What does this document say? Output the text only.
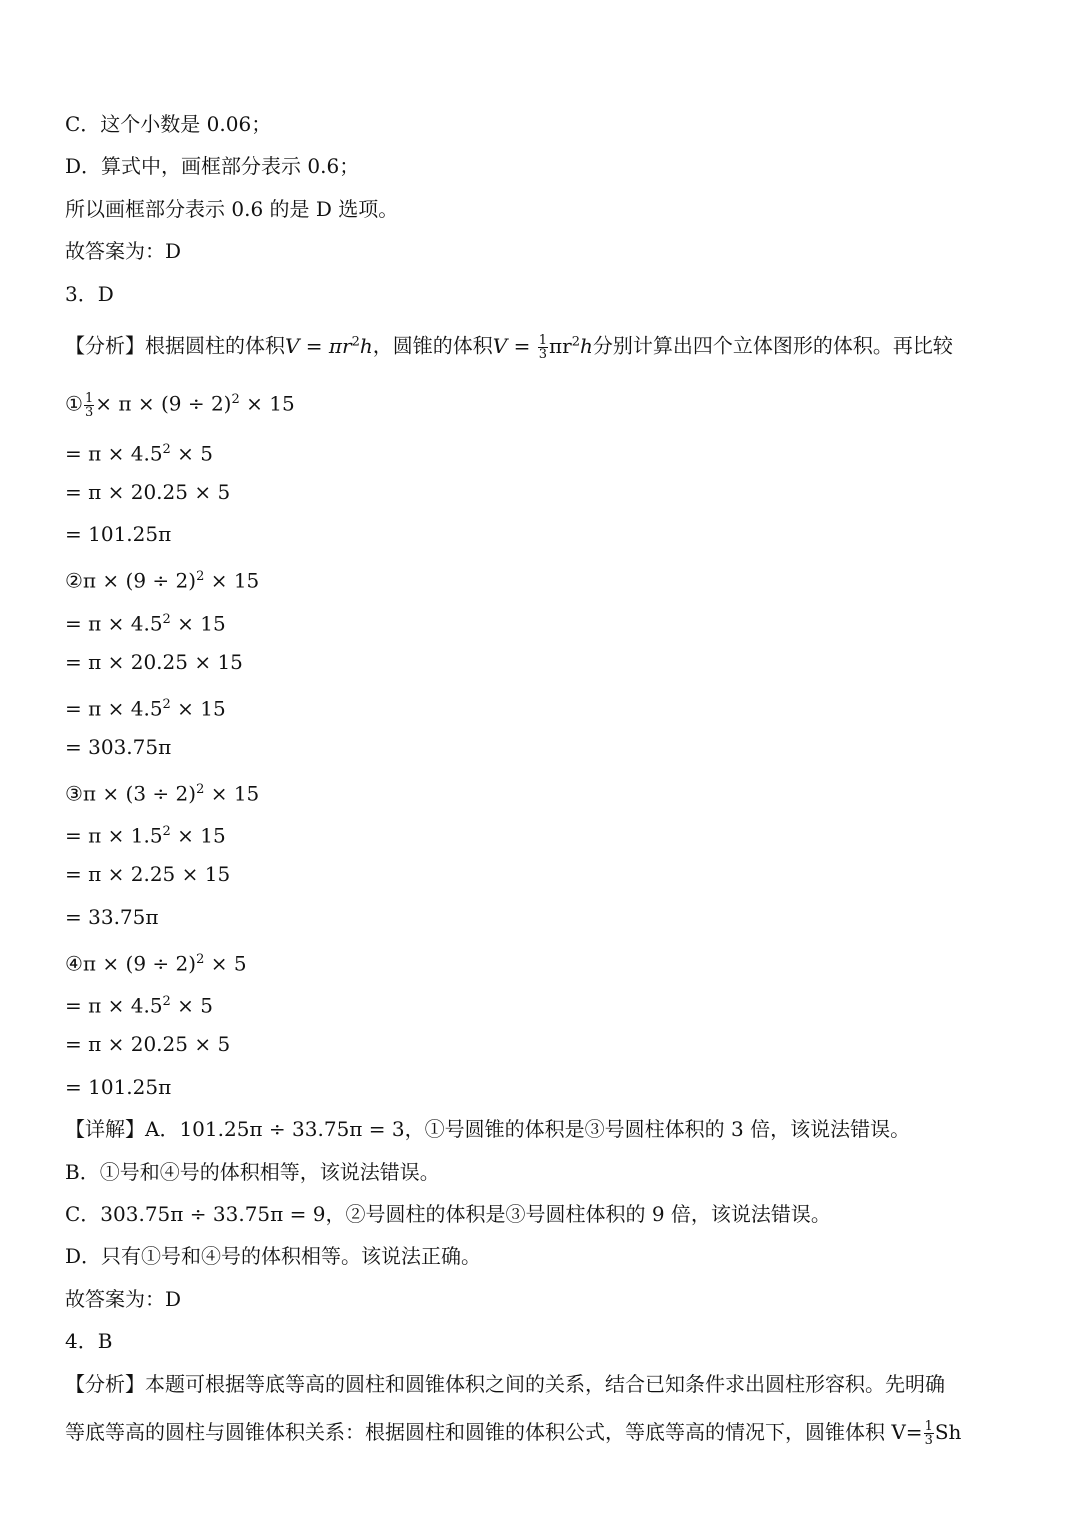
C．这个小数是 0.06；
D．算式中，画框部分表示 0.6；
所以画框部分表示 0.6 的是 D 选项。
故答案为：D
3．D
【分析】根据圆柱的体积$V = \pi r^2h$，圆锥的体积$V = \frac{1}{3} \pi r^2h$分别计算出四个立体图形的体积。再比较
① $\frac{1}{3} \times \pi \times (9 \div 2)^2 \times 15$
= $\pi \times 4.5^2 \times 5$
= π × 20.25 × 5
= 101.25π
②π × $(9 \div 2)^2 \times 15$
= $\pi \times 4.5^2 \times 15$
= π × 20.25 × 15
= $\pi \times 4.5^2 \times 15$
= 303.75π
③π × $(3 \div 2)^2 \times 15$
= $\pi \times 1.5^2 \times 15$
= π × 2.25 × 15
= 33.75π
④π × $(9 \div 2)^2 \times 5$
= $\pi \times 4.5^2 \times 5$
= π × 20.25 × 5
= 101.25π
【详解】A．101.25π ÷ 33.75π = 3，①号圆锥的体积是③号圆柱体积的 3 倍，该说法错误。
B．①号和④号的体积相等，该说法错误。
C．303.75π ÷ 33.75π = 9，②号圆柱的体积是③号圆柱体积的 9 倍，该说法错误。
D．只有①号和④号的体积相等。该说法正确。
故答案为：D
4．B
【分析】本题可根据等底等高的圆柱和圆锥体积之间的关系，结合已知条件求出圆柱形容积。先明确
等底等高的圆柱与圆锥体积关系：根据圆柱和圆锥的体积公式，等底等高的情况下，圆锥体积 $V= \frac{1}{3}$ Sh
